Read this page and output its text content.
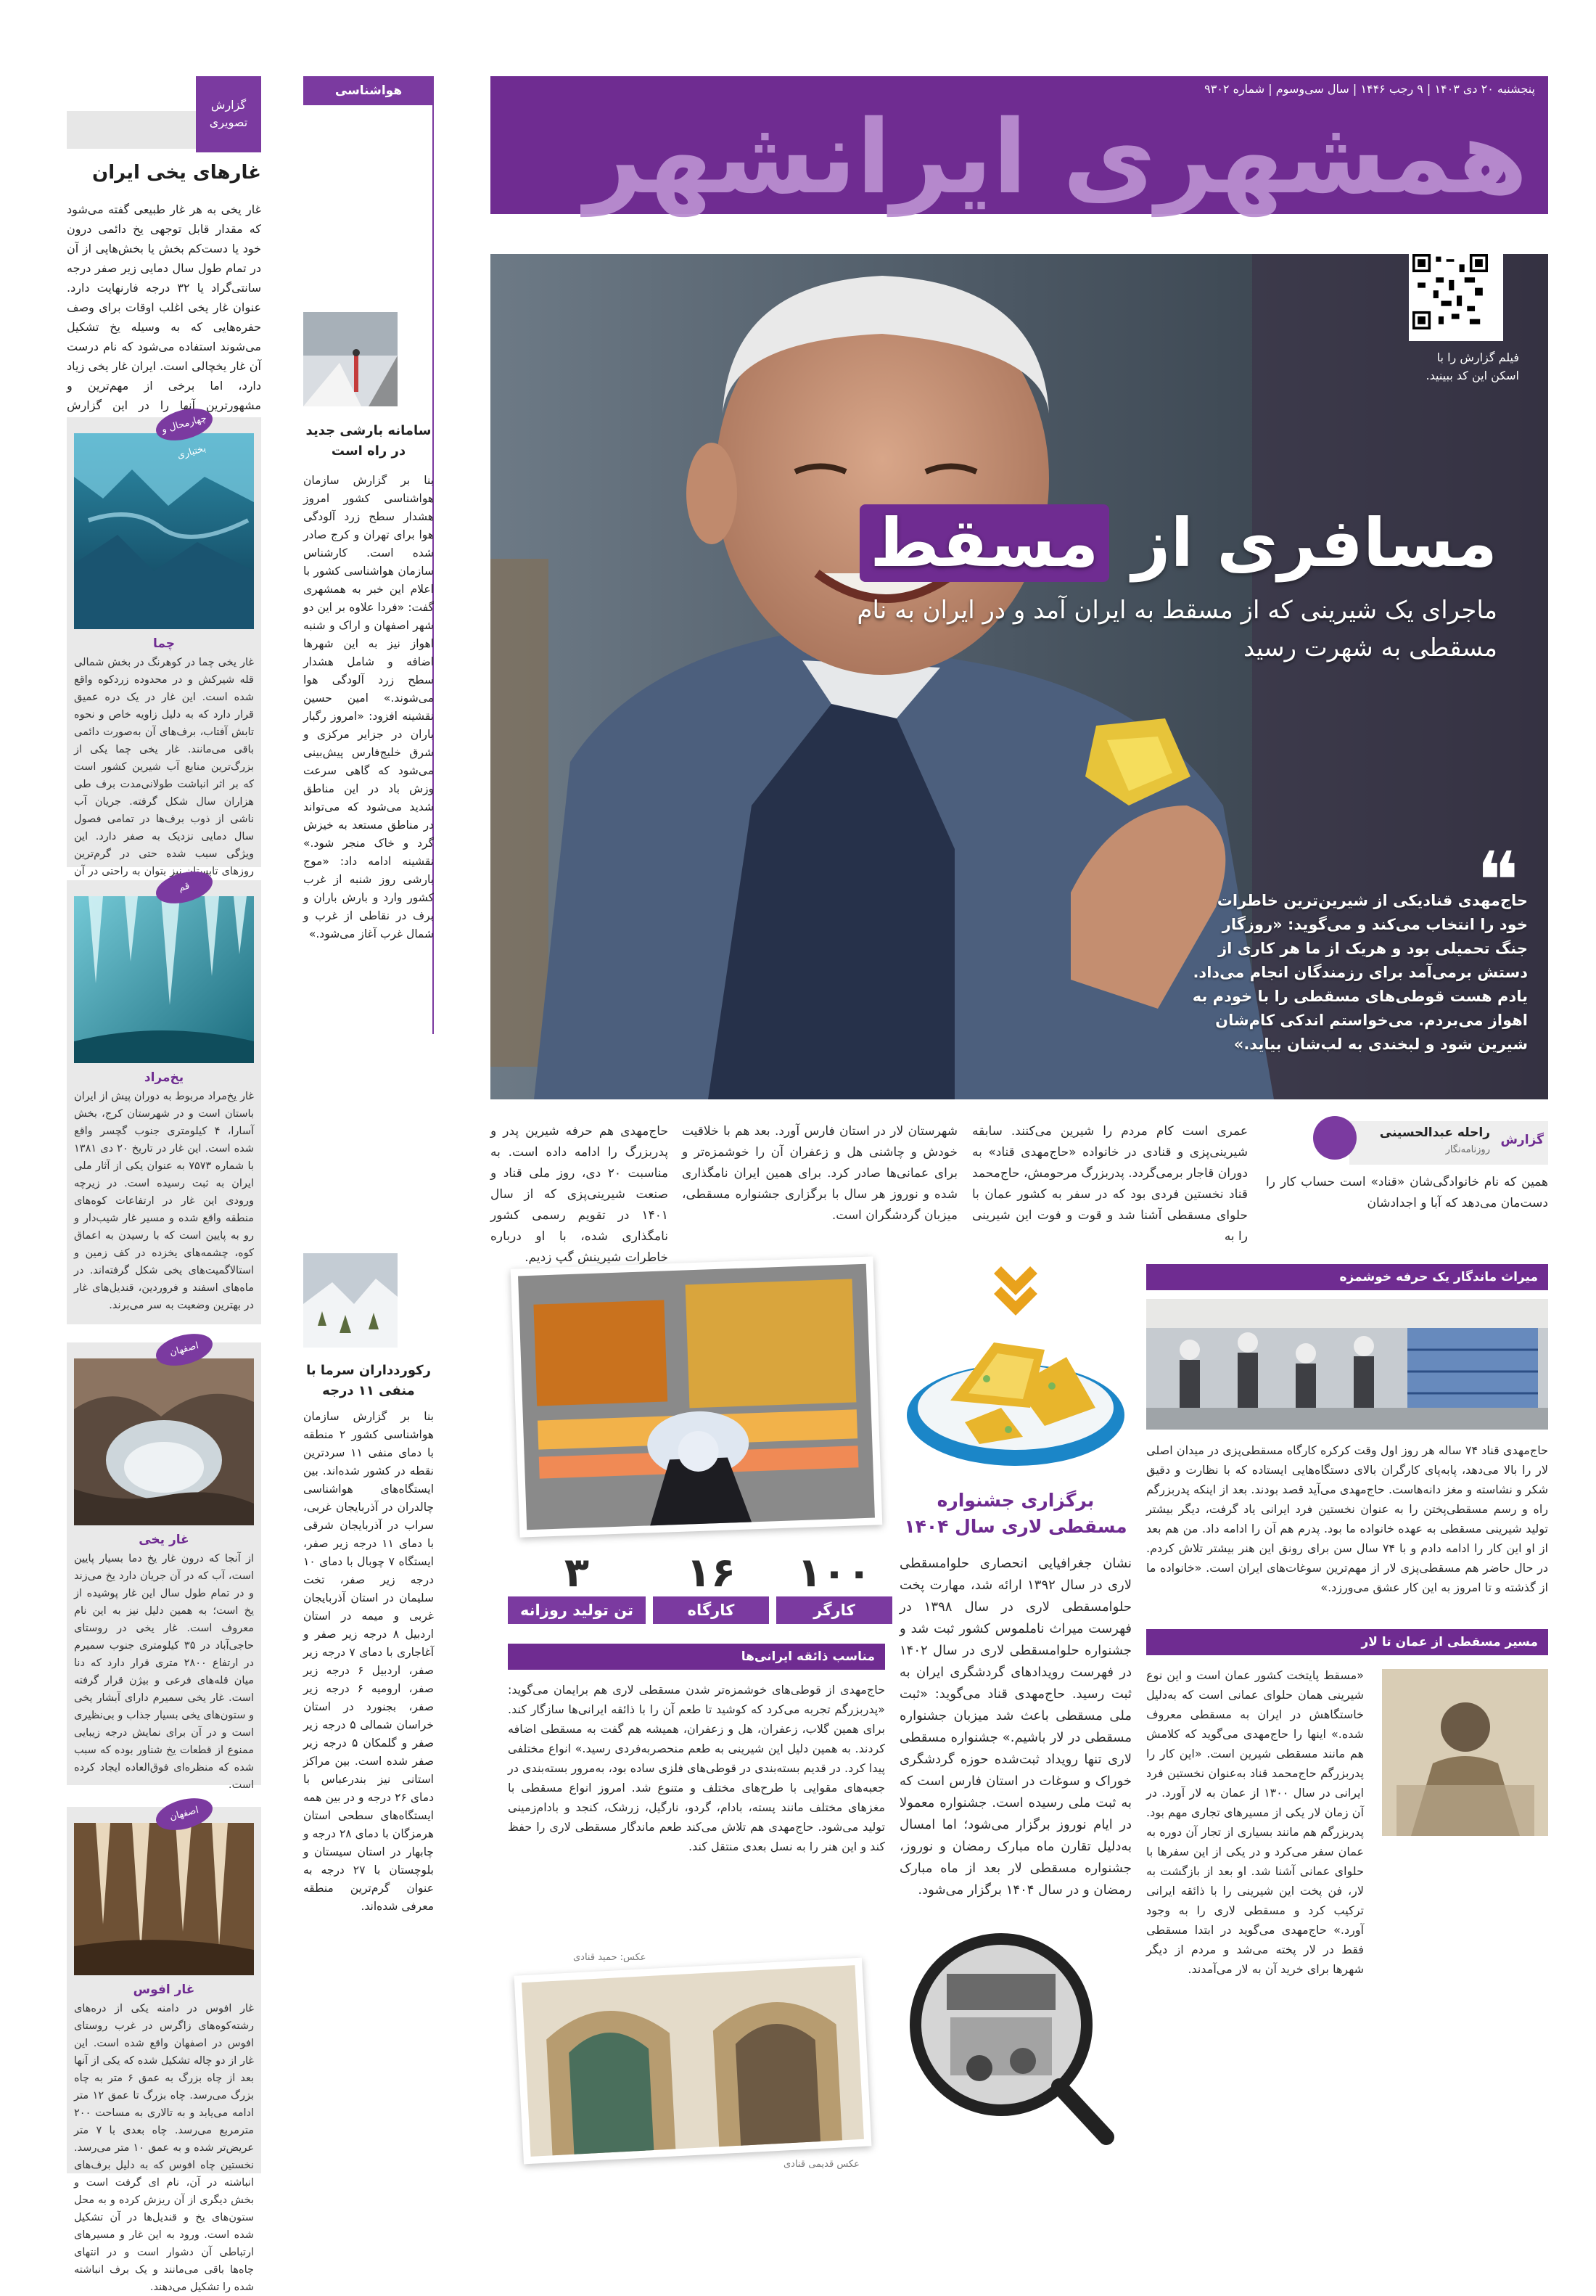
گزارش تصویری
غارهای یخی ایران
غار یخی به هر غار طبیعی گفته می‌شود که مقدار قابل توجهی یخ دائمی درون خود یا دست‌کم بخش یا بخش‌هایی از آن در تمام طول سال دمایی زیر صفر درجه سانتی‌گراد یا ۳۲ درجه فارنهایت دارد. عنوان غار یخی اغلب اوقات برای وصف حفره‌هایی که به وسیله یخ تشکیل می‌شوند استفاده می‌شود که نام درست آن غار یخچالی است. ایران غار یخی زیاد دارد، اما برخی از مهم‌ترین و مشهورترین آنها را در این گزارش
چهارمحال و بختیاری
چما
غار یخی چما در کوهرنگ در بخش شمالی قله شیرکش و در محدوده زردکوه واقع شده است. این غار در یک دره عمیق قرار دارد که به دلیل زاویه خاص و نحوه تابش آفتاب، برف‌های آن به‌صورت دائمی باقی می‌مانند. غار یخی چما یکی از بزرگ‌ترین منابع آب شیرین کشور است که بر اثر انباشت طولانی‌مدت برف طی هزاران سال شکل گرفته. جریان آب ناشی از ذوب برف‌ها در تمامی فصول سال دمایی نزدیک به صفر دارد. این ویژگی سبب شده حتی در گرم‌ترین روزهای نیز بتوان به راحتی در آن
قم
یخ‌مراد
غار یخ‌مراد مربوط به دوران پیش از ایران باستان است و در شهرستان کرج، بخش آسارا، ۴ کیلومتری جنوب گچسر واقع شده است. این غار در تاریخ ۲۰ دی ۱۳۸۱ با شماره ۷۵۷۳ به عنوان یکی از آثار ملی ایران به ثبت رسیده است. در زیرچه ورودی این غار در ارتفاعات کوه‌های منطقه واقع شده و مسیر غار شیب‌دار و رو به پایین است که با رسیدن به اعماق کوه، چشمه‌های یخزده در کف زمین و استالاگمیت‌های یخی شکل گرفته‌اند. در ماه‌های اسفند و فروردین، قندیل‌های غار در بهترین وضعیت به سر می‌برند.
اصفهان
غار یخی
از آنجا که درون غار یخ دما بسیار پایین است، آب که در آن جریان دارد یخ می‌زند و در تمام طول سال این غار پوشیده از یخ است؛ به همین دلیل نیز به این نام معروف است. غار یخی در روستای حاجی‌آباد در ۳۵ کیلومتری جنوب سمیرم در ارتفاع ۲۸۰۰ متری قرار دارد که دنا میان قله‌های فرعی و بیژن قرار گرفته است. غار یخی سمیرم دارای آبشار یخی و ستون‌های یخی بسیار جذاب و بی‌نظیری است و در آن برای نمایش درجه زیبایی ممنوع از قطعات یخ شناور بوده که سبب شده که منظره‌ای فوق‌العاده ایجاد کرده است.
اصفهان
غار افوس
غار افوس در دامنه یکی از دره‌های رشته‌کوه‌های زاگرس در غرب روستای افوس در اصفهان واقع شده است. این غار از دو چاله تشکیل شده که یکی از آنها بعد از چاه بزرگ به عمق ۶ متر به چاه بزرگ می‌رسد. چاه بزرگ تا عمق ۱۲ متر ادامه می‌یابد و به تالاری به مساحت ۲۰۰ مترمربع می‌رسد. چاه بعدی با ۷ متر عریض‌تر شده و به عمق ۱۰ متر می‌رسد. نخستین چاه افوس که به دلیل برف‌های انباشته در آن، نام ای گرفت است و بخش دیگری از آن ریزش کرده و به محل ستون‌های یخ و قندیل‌ها در آن تشکیل شده است. ورود به این غار و مسیر‌های ارتباطی آن دشوار است و در انتهای چاه‌ها باقی می‌مانند و یک برف انباشته شده را تشکیل می‌دهند.
هواشناسی
سامانه بارشی جدید در راه است
بنا بر گزارش سازمان هواشناسی کشور امروز هشدار سطح زرد آلودگی هوا برای تهران و کرج صادر شده است. کارشناس سازمان هواشناسی کشور با اعلام این خبر به همشهری گفت: «فردا علاوه بر این دو شهر اصفهان و اراک و شنبه اهواز نیز به این شهرها اضافه و شامل هشدار سطح زرد آلودگی هوا می‌شوند.» امین حسین نقشینه افزود: «امروز رگبار باران در جزایر مرکزی و شرق خلیج‌فارس پیش‌بینی می‌شود که گاهی سرعت وزش باد در این مناطق شدید می‌شود که می‌تواند در مناطق مستعد به خیزش گرد و خاک منجر شود.» نقشینه ادامه داد: «موج بارشی روز شنبه از غرب کشور وارد و بارش باران و برف در نقاطی از غرب و شمال غرب آغاز می‌شود.»
رکوردداران سرما با منفی ۱۱ درجه
بنا بر گزارش سازمان هواشناسی کشور ۲ منطقه با دمای منفی ۱۱ سردترین نقطه در کشور شده‌اند. بین ایستگاه‌های هواشناسی چالدران در آذربایجان غربی، سراب در آذربایجان شرقی با دمای ۱۱ درجه زیر صفر، ایستگاه ۷ چوبال با دمای ۱۰ درجه زیر صفر، تخت سلیمان در استان آذربایجان غربی و میمه در استان اردبیل ۸ درجه زیر صفر و آغاجاری با دمای ۷ درجه زیر صفر، اردبیل ۶ درجه زیر صفر، ارومیه ۶ درجه زیر صفر، بجنورد در استان خراسان شمالی ۵ درجه زیر صفر و گلمکان ۵ درجه زیر صفر شده است. بین مراکز استانی نیز بندرعباس با دمای ۲۶ درجه و در بین همه ایستگاه‌های سطحی استان هرمزگان با دمای ۲۸ درجه و چابهار در استان سیستان و بلوچستان با ۲۷ درجه به عنوان گرم‌ترین منطقه معرفی شده‌اند.
پنجشنبه ۲۰ دی ۱۴۰۳ | ۹ رجب ۱۴۴۶ | سال سی‌وسوم | شماره ۹۳۰۲
همشهری ایرانشهر
فیلم گزارش را با اسکن این کد ببینید.
مسافری از مسقط
ماجرای یک شیرینی که از مسقط به ایران آمد و در ایران به نام مسقطی به شهرت رسید
❝
حاج‌مهدی قنادیکی از شیرین‌ترین خاطرات خود را انتخاب می‌کند و می‌گوید: «روزگار جنگ تحمیلی بود و هریک از ما هر کاری از دستش برمی‌آمد برای رزمندگان انجام می‌داد. یادم هست قوطی‌های مسقطی را با خودم به اهواز می‌بردم. می‌خواستم اندکی کام‌شان شیرین شود و لبخندی به لب‌شان بیاید.»
گزارش
راحله عبدالحسینی
روزنامه‌نگار
همین که نام خانوادگی‌شان «قناد» است حساب کار را دست‌مان می‌دهد که آبا و اجدادشان
عمری است کام مردم را شیرین می‌کنند. سابقه شیرینی‌پزی و قنادی در خانواده «حاج‌مهدی قناد» به دوران قاجار برمی‌گردد. پدربزرگ مرحومش، حاج‌محمد قناد نخستین فردی بود که در سفر به کشور عمان با حلوای مسقطی آشنا شد و قوت و فوت این شیرینی را به
شهرستان لار در استان فارس آورد. بعد هم با خلاقیت خودش و چاشنی هل و زعفران آن را خوشمزه‌تر و برای عمانی‌ها صادر کرد. برای همین ایران نامگذاری شده و نوروز هر سال با برگزاری جشنواره مسقطی، میزبان گردشگران است.
حاج‌مهدی هم حرفه شیرین پدر و پدربزرگ را ادامه داده است. به مناسبت ۲۰ دی، روز ملی قناد و صنعت شیرینی‌پزی که از سال ۱۴۰۱ در تقویم رسمی کشور نامگذاری شده، با او درباره خاطرات شیرینش گپ زدیم.
میراث ماندگار یک حرفه خوشمزه
حاج‌مهدی قناد ۷۴ ساله هر روز اول وقت کرکره کارگاه مسقطی‌پزی در میدان اصلی لار را بالا می‌دهد، پابه‌پای کارگران بالای دستگاه‌هایی ایستاده که با نظارت و دقیق شکر و نشاسته و مغز دانه‌هاست. حاج‌مهدی می‌آید قصد بودند. بعد از اینکه پدربزرگم راه و رسم مسقطی‌پختن را به عنوان نخستین فرد ایرانی یاد گرفت، دیگر بیشتر تولید شیرینی مسقطی به عهده خانواده ما بود. پدرم هم آن را ادامه داد. من هم بعد از او این کار را ادامه دادم و با ۷۴ سال سن برای رونق این هنر بیشتر تلاش کردم. در حال حاضر هم مسقطی‌پزی لار از مهم‌ترین سوغات‌های ایران است. «خانواده ما از گذشته و تا امروز به این کار عشق می‌ورزد.»
مسیر مسقطی از عمان تا لار
«مسقط پایتخت کشور عمان است و این نوع شیرینی همان حلوای عمانی است که به‌دلیل خاستگاهش در ایران به مسقطی معروف شده.» اینها را حاج‌مهدی می‌گوید که کلامش هم مانند مسقطی شیرین است. «این کار را پدربزرگم حاج‌محمد قناد به‌عنوان نخستین فرد ایرانی در سال ۱۳۰۰ از عمان به لار آورد. در آن زمان لار یکی از مسیرهای تجاری مهم بود. پدربزرگم هم مانند بسیاری از تجار آن دوره به عمان سفر می‌کرد و در یکی از این سفرها با حلوای عمانی آشنا شد. او بعد از بازگشت به لار، فن پخت این شیرینی را با ذائقه ایرانی ترکیب کرد و مسقطی لاری را به وجود آورد.» حاج‌مهدی می‌گوید در ابتدا مسقطی فقط در لار پخته می‌شد و مردم از دیگر شهرها برای خرید آن به لار می‌آمدند.
برگزاری جشنواره مسقطی لاری سال ۱۴۰۴
نشان جغرافیایی انحصاری حلوامسقطی لاری در سال ۱۳۹۲ ارائه شد، مهارت پخت حلوامسقطی لاری در سال ۱۳۹۸ در فهرست میراث ناملموس کشور ثبت شد و جشنواره حلوامسقطی لاری در سال ۱۴۰۲ در فهرست رویدادهای گردشگری ایران به ثبت رسید. حاج‌مهدی قناد می‌گوید: «ثبت ملی مسقطی باعث شد میزبان جشنواره مسقطی در لار باشیم.» جشنواره مسقطی لاری تنها رویداد ثبت‌شده حوزه گردشگری خوراک و سوغات در استان فارس است که به ثبت ملی رسیده است. جشنواره معمولا در ایام نوروز برگزار می‌شود؛ اما امسال به‌دلیل تقارن ماه مبارک رمضان و نوروز، جشنواره مسقطی لار بعد از ماه مبارک رمضان و در سال ۱۴۰۴ برگزار می‌شود.
۱۰۰
کارگر
۱۶
کارگاه
۳
تن تولید روزانه
مناسب ذائقه ایرانی‌ها
حاج‌مهدی از قوطی‌های خوشمزه‌تر شدن مسقطی لاری هم برایمان می‌گوید: «پدربزرگم تجربه می‌کرد که کوشید تا طعم آن را با ذائقه ایرانی‌ها سازگار کند. برای همین گلاب، زعفران، هل و زعفران، همیشه هم گفت به مسقطی اضافه کردند. به همین دلیل این شیرینی به طعم منحصربه‌فردی رسید.» انواع مختلفی پیدا کرد. در قدیم بسته‌بندی در قوطی‌های فلزی ساده بود، به‌مرور بسته‌بندی در جعبه‌های مقوایی با طرح‌های مختلف و متنوع شد. امروز انواع مسقطی با مغزهای مختلف مانند پسته، بادام، گردو، نارگیل، زرشک، کنجد و بادام‌زمینی تولید می‌شود. حاج‌مهدی هم تلاش می‌کند طعم ماندگار مسقطی لاری را حفظ کند و این هنر را به نسل بعدی منتقل کند.
عکس: حمید قنادی
عکس قدیمی قنادی
